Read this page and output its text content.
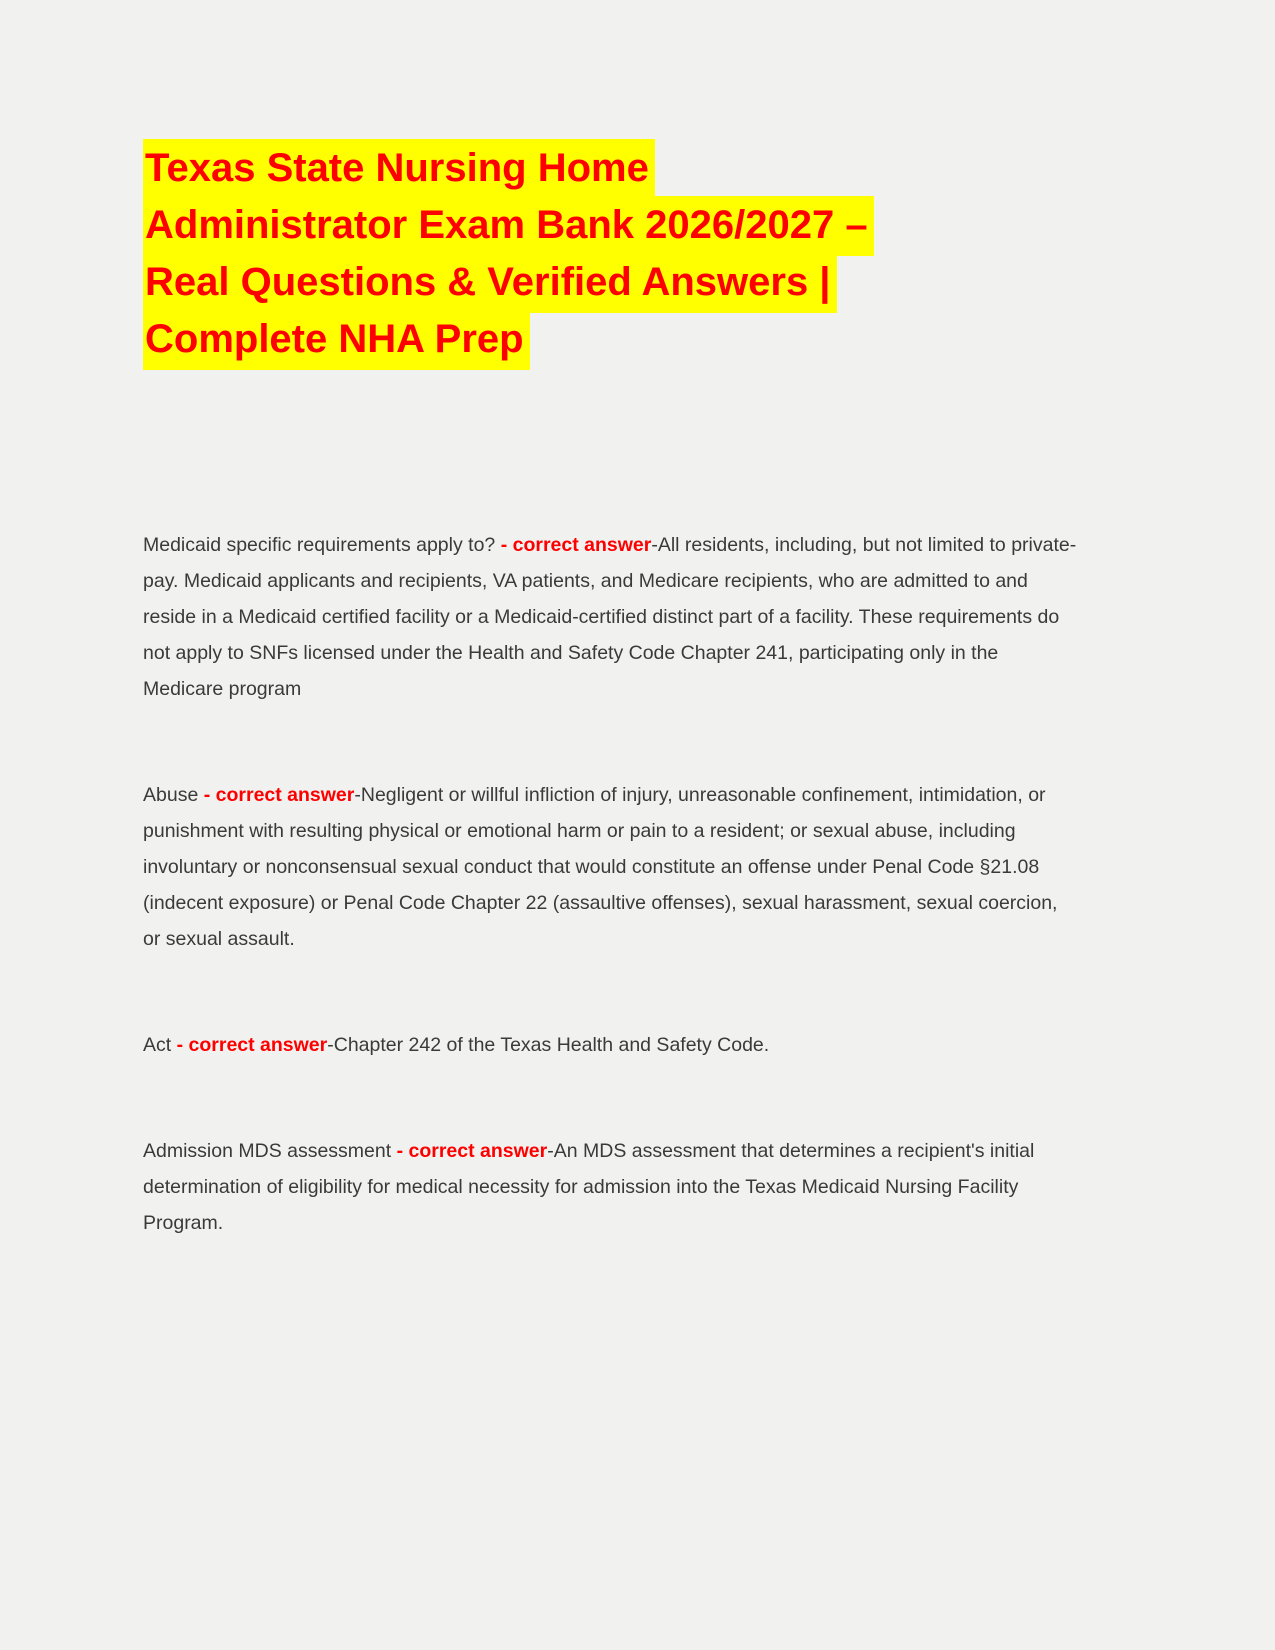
Texas State Nursing Home
Administrator Exam Bank 2026/2027 –
Real Questions & Verified Answers |
Complete NHA Prep

Medicaid specific requirements apply to? - correct answer-All residents, including, but not limited to private-pay. Medicaid applicants and recipients, VA patients, and Medicare recipients, who are admitted to and reside in a Medicaid certified facility or a Medicaid-certified distinct part of a facility. These requirements do not apply to SNFs licensed under the Health and Safety Code Chapter 241, participating only in the Medicare program

Abuse - correct answer-Negligent or willful infliction of injury, unreasonable confinement, intimidation, or punishment with resulting physical or emotional harm or pain to a resident; or sexual abuse, including involuntary or nonconsensual sexual conduct that would constitute an offense under Penal Code §21.08 (indecent exposure) or Penal Code Chapter 22 (assaultive offenses), sexual harassment, sexual coercion, or sexual assault.

Act - correct answer-Chapter 242 of the Texas Health and Safety Code.

Admission MDS assessment - correct answer-An MDS assessment that determines a recipient's initial determination of eligibility for medical necessity for admission into the Texas Medicaid Nursing Facility Program.
